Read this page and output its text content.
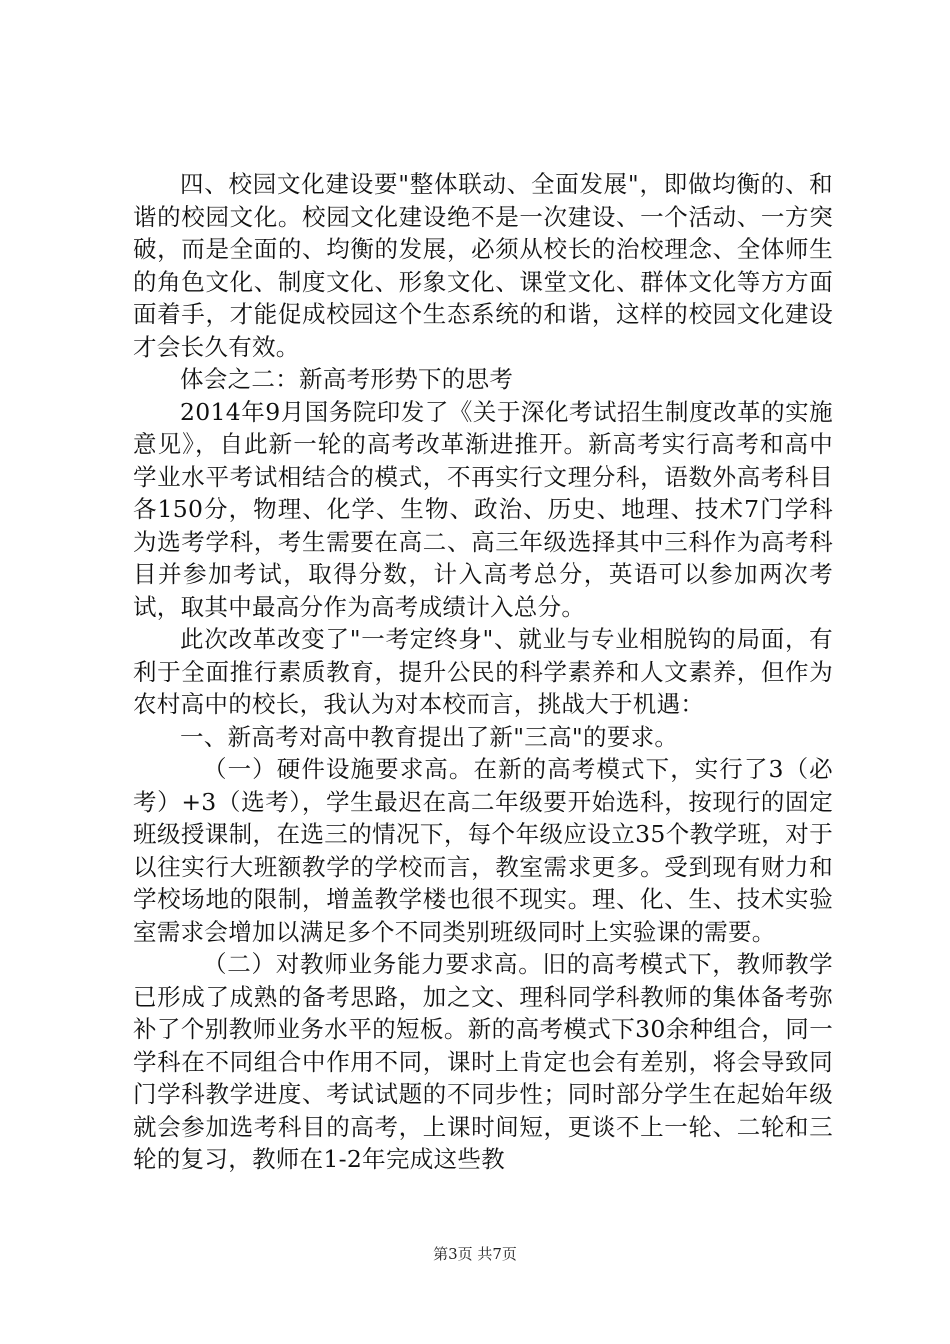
四、校园文化建设要"整体联动、全面发展"，即做均衡的、和谐的校园文化。校园文化建设绝不是一次建设、一个活动、一方突破，而是全面的、均衡的发展，必须从校长的治校理念、全体师生的角色文化、制度文化、形象文化、课堂文化、群体文化等方方面面着手，才能促成校园这个生态系统的和谐，这样的校园文化建设才会长久有效。

体会之二：新高考形势下的思考

2014年9月国务院印发了《关于深化考试招生制度改革的实施意见》，自此新一轮的高考改革渐进推开。新高考实行高考和高中学业水平考试相结合的模式，不再实行文理分科，语数外高考科目各150分，物理、化学、生物、政治、历史、地理、技术7门学科为选考学科，考生需要在高二、高三年级选择其中三科作为高考科目并参加考试，取得分数，计入高考总分，英语可以参加两次考试，取其中最高分作为高考成绩计入总分。

此次改革改变了"一考定终身"、就业与专业相脱钩的局面，有利于全面推行素质教育，提升公民的科学素养和人文素养，但作为农村高中的校长，我认为对本校而言，挑战大于机遇：

一、新高考对高中教育提出了新"三高"的要求。

（一）硬件设施要求高。在新的高考模式下，实行了3（必考）+3（选考），学生最迟在高二年级要开始选科，按现行的固定班级授课制，在选三的情况下，每个年级应设立35个教学班，对于以往实行大班额教学的学校而言，教室需求更多。受到现有财力和学校场地的限制，增盖教学楼也很不现实。理、化、生、技术实验室需求会增加以满足多个不同类别班级同时上实验课的需要。

（二）对教师业务能力要求高。旧的高考模式下，教师教学已形成了成熟的备考思路，加之文、理科同学科教师的集体备考弥补了个别教师业务水平的短板。新的高考模式下30余种组合，同一学科在不同组合中作用不同，课时上肯定也会有差别，将会导致同门学科教学进度、考试试题的不同步性；同时部分学生在起始年级就会参加选考科目的高考，上课时间短，更谈不上一轮、二轮和三轮的复习，教师在1-2年完成这些教

第3页 共7页
